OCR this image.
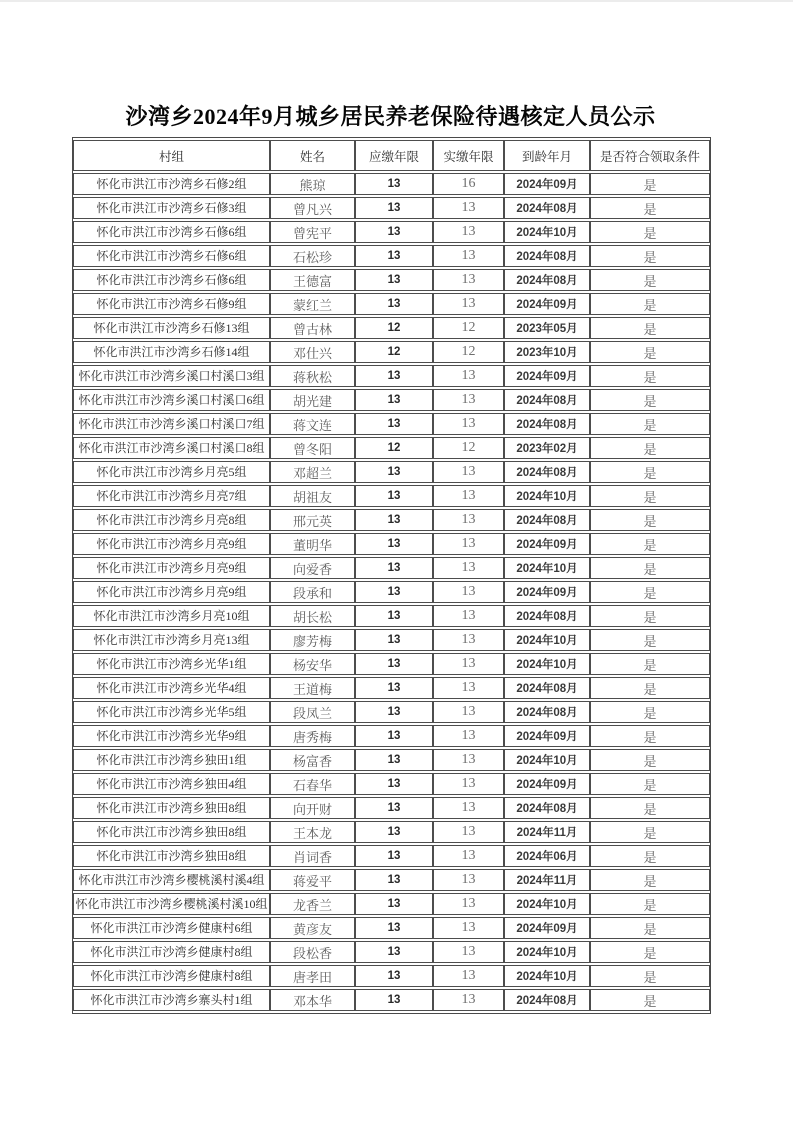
沙湾乡2024年9月城乡居民养老保险待遇核定人员公示
村组	姓名	应缴年限	实缴年限	到龄年月	是否符合领取条件
怀化市洪江市沙湾乡石修2组	熊琼	13	16	2024年09月	是
怀化市洪江市沙湾乡石修3组	曾凡兴	13	13	2024年08月	是
怀化市洪江市沙湾乡石修6组	曾宪平	13	13	2024年10月	是
怀化市洪江市沙湾乡石修6组	石松珍	13	13	2024年08月	是
怀化市洪江市沙湾乡石修6组	王德富	13	13	2024年08月	是
怀化市洪江市沙湾乡石修9组	蒙红兰	13	13	2024年09月	是
怀化市洪江市沙湾乡石修13组	曾古林	12	12	2023年05月	是
怀化市洪江市沙湾乡石修14组	邓仕兴	12	12	2023年10月	是
怀化市洪江市沙湾乡溪口村溪口3组	蒋秋松	13	13	2024年09月	是
怀化市洪江市沙湾乡溪口村溪口6组	胡光建	13	13	2024年08月	是
怀化市洪江市沙湾乡溪口村溪口7组	蒋文连	13	13	2024年08月	是
怀化市洪江市沙湾乡溪口村溪口8组	曾冬阳	12	12	2023年02月	是
怀化市洪江市沙湾乡月亮5组	邓超兰	13	13	2024年08月	是
怀化市洪江市沙湾乡月亮7组	胡祖友	13	13	2024年10月	是
怀化市洪江市沙湾乡月亮8组	邢元英	13	13	2024年08月	是
怀化市洪江市沙湾乡月亮9组	董明华	13	13	2024年09月	是
怀化市洪江市沙湾乡月亮9组	向爱香	13	13	2024年10月	是
怀化市洪江市沙湾乡月亮9组	段承和	13	13	2024年09月	是
怀化市洪江市沙湾乡月亮10组	胡长松	13	13	2024年08月	是
怀化市洪江市沙湾乡月亮13组	廖芳梅	13	13	2024年10月	是
怀化市洪江市沙湾乡光华1组	杨安华	13	13	2024年10月	是
怀化市洪江市沙湾乡光华4组	王道梅	13	13	2024年08月	是
怀化市洪江市沙湾乡光华5组	段凤兰	13	13	2024年08月	是
怀化市洪江市沙湾乡光华9组	唐秀梅	13	13	2024年09月	是
怀化市洪江市沙湾乡独田1组	杨富香	13	13	2024年10月	是
怀化市洪江市沙湾乡独田4组	石春华	13	13	2024年09月	是
怀化市洪江市沙湾乡独田8组	向开财	13	13	2024年08月	是
怀化市洪江市沙湾乡独田8组	王本龙	13	13	2024年11月	是
怀化市洪江市沙湾乡独田8组	肖词香	13	13	2024年06月	是
怀化市洪江市沙湾乡樱桃溪村溪4组	蒋爱平	13	13	2024年11月	是
怀化市洪江市沙湾乡樱桃溪村溪10组	龙香兰	13	13	2024年10月	是
怀化市洪江市沙湾乡健康村6组	黄彦友	13	13	2024年09月	是
怀化市洪江市沙湾乡健康村8组	段松香	13	13	2024年10月	是
怀化市洪江市沙湾乡健康村8组	唐孝田	13	13	2024年10月	是
怀化市洪江市沙湾乡寨头村1组	邓本华	13	13	2024年08月	是
